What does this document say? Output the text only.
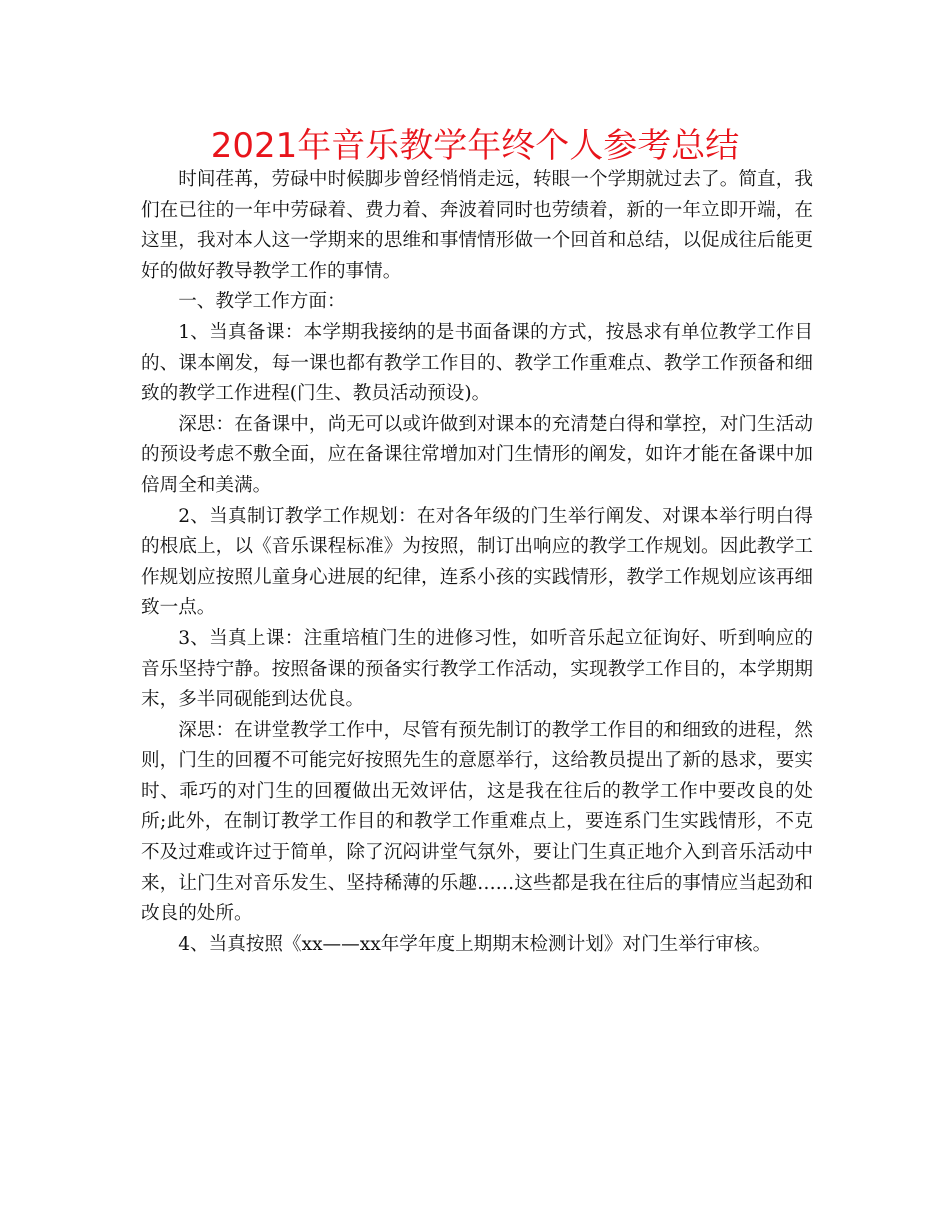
2021年音乐教学年终个人参考总结

时间荏苒，劳碌中时候脚步曾经悄悄走远，转眼一个学期就过去了。简直，我们在已往的一年中劳碌着、费力着、奔波着同时也劳绩着，新的一年立即开端，在这里，我对本人这一学期来的思维和事情情形做一个回首和总结，以促成往后能更好的做好教导教学工作的事情。

一、教学工作方面：

1、当真备课：本学期我接纳的是书面备课的方式，按恳求有单位教学工作目的、课本阐发，每一课也都有教学工作目的、教学工作重难点、教学工作预备和细致的教学工作进程(门生、教员活动预设)。

深思：在备课中，尚无可以或许做到对课本的充清楚白得和掌控，对门生活动的预设考虑不敷全面，应在备课往常增加对门生情形的阐发，如许才能在备课中加倍周全和美满。

2、当真制订教学工作规划：在对各年级的门生举行阐发、对课本举行明白得的根底上，以《音乐课程标准》为按照，制订出响应的教学工作规划。因此教学工作规划应按照儿童身心进展的纪律，连系小孩的实践情形，教学工作规划应该再细致一点。

3、当真上课：注重培植门生的进修习性，如听音乐起立征询好、听到响应的音乐坚持宁静。按照备课的预备实行教学工作活动，实现教学工作目的，本学期期末，多半同砚能到达优良。

深思：在讲堂教学工作中，尽管有预先制订的教学工作目的和细致的进程，然则，门生的回覆不可能完好按照先生的意愿举行，这给教员提出了新的恳求，要实时、乖巧的对门生的回覆做出无效评估，这是我在往后的教学工作中要改良的处所;此外，在制订教学工作目的和教学工作重难点上，要连系门生实践情形，不克不及过难或许过于简单，除了沉闷讲堂气氛外，要让门生真正地介入到音乐活动中来，让门生对音乐发生、坚持稀薄的乐趣……这些都是我在往后的事情应当起劲和改良的处所。

4、当真按照《xx——xx年学年度上期期末检测计划》对门生举行审核。
